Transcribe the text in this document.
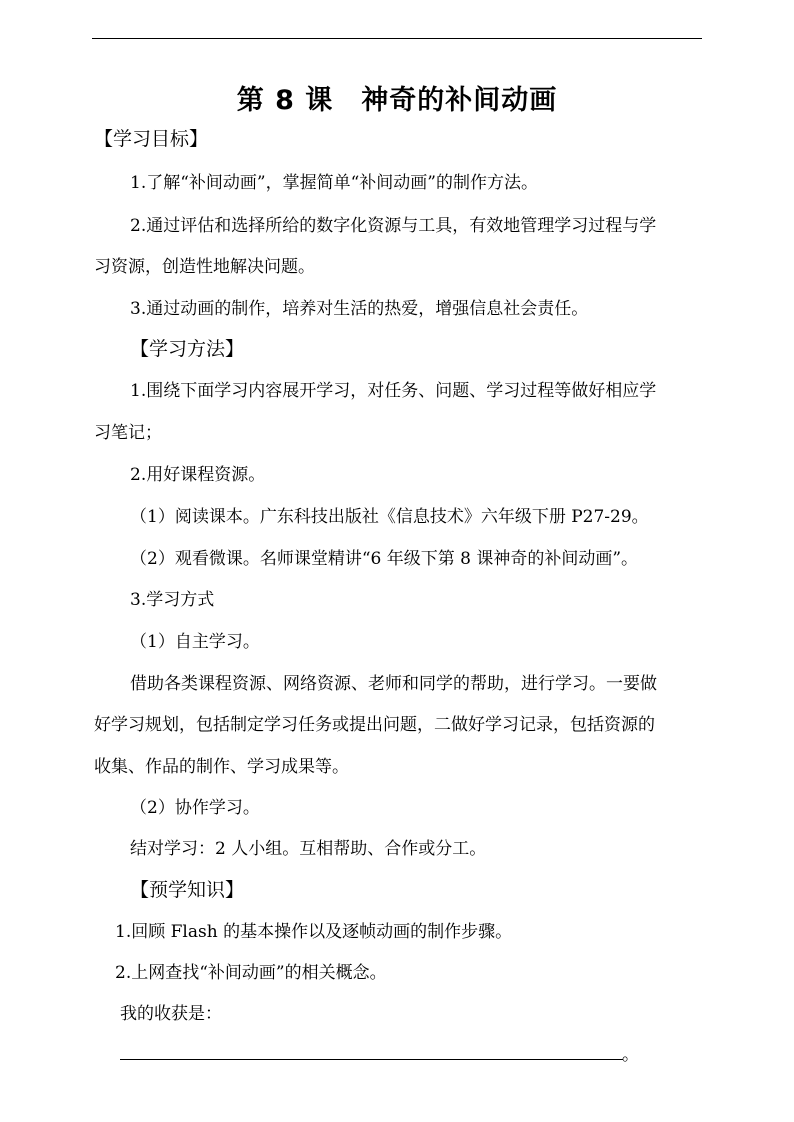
第 8 课　神奇的补间动画
【学习目标】
1.了解“补间动画”，掌握简单“补间动画”的制作方法。
2.通过评估和选择所给的数字化资源与工具，有效地管理学习过程与学
习资源，创造性地解决问题。
3.通过动画的制作，培养对生活的热爱，增强信息社会责任。
【学习方法】
1.围绕下面学习内容展开学习，对任务、问题、学习过程等做好相应学
习笔记；
2.用好课程资源。
（1）阅读课本。广东科技出版社《信息技术》六年级下册 P27-29。
（2）观看微课。名师课堂精讲“6 年级下第 8 课神奇的补间动画”。
3.学习方式
（1）自主学习。
借助各类课程资源、网络资源、老师和同学的帮助，进行学习。一要做
好学习规划，包括制定学习任务或提出问题，二做好学习记录，包括资源的
收集、作品的制作、学习成果等。
（2）协作学习。
结对学习：2 人小组。互相帮助、合作或分工。
【预学知识】
1.回顾 Flash 的基本操作以及逐帧动画的制作步骤。
2.上网查找“补间动画”的相关概念。
我的收获是：
。
